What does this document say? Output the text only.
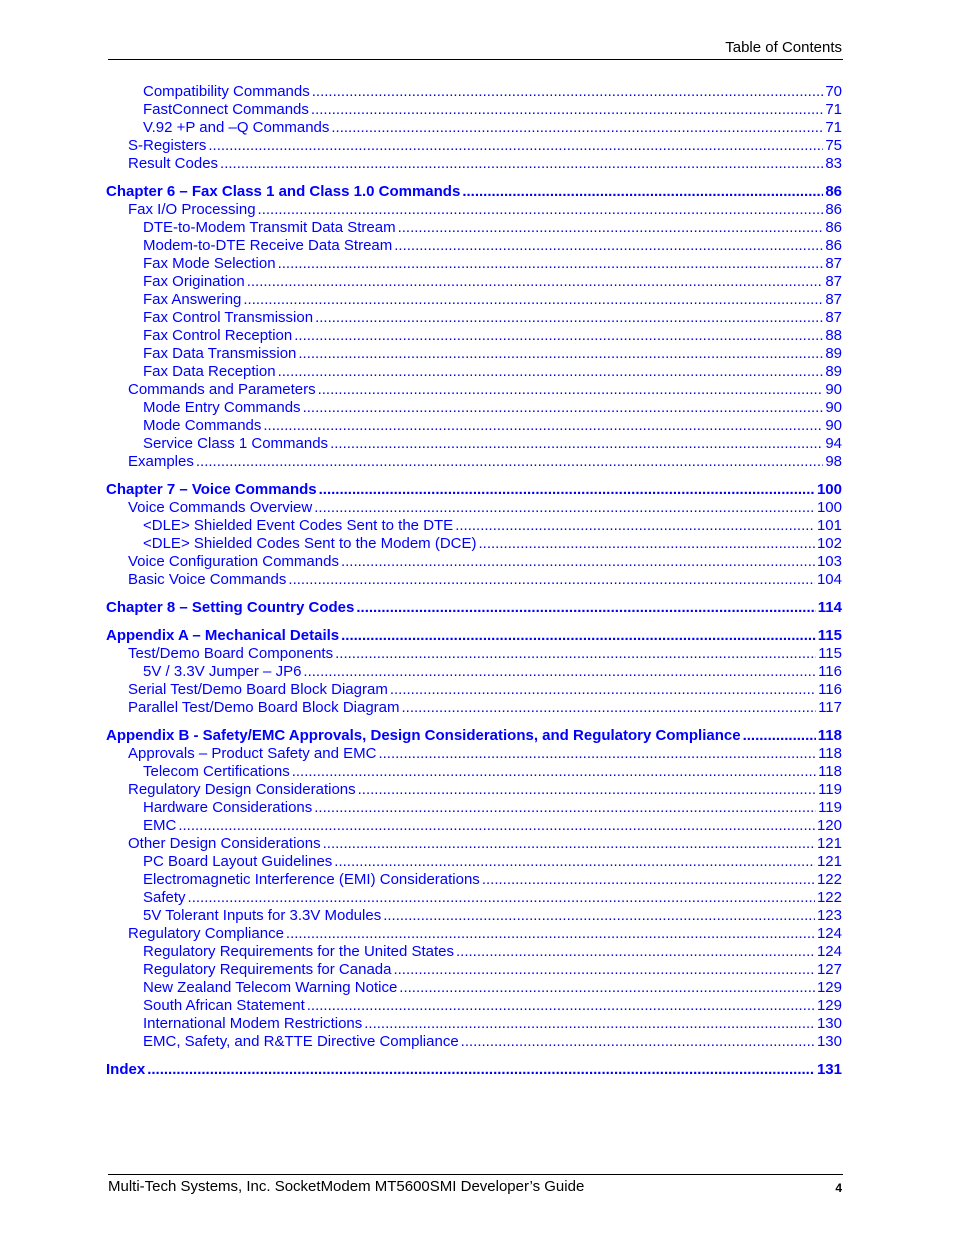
Table of Contents
Compatibility Commands .....	70
FastConnect Commands .....	71
V.92 +P and –Q Commands .....	71
S-Registers .....	75
Result Codes .....	83
Chapter 6 – Fax Class 1 and Class 1.0 Commands .....	86
Fax I/O Processing .....	86
DTE-to-Modem Transmit Data Stream .....	86
Modem-to-DTE Receive Data Stream .....	86
Fax Mode Selection .....	87
Fax Origination .....	87
Fax Answering .....	87
Fax Control Transmission .....	87
Fax Control Reception .....	88
Fax Data Transmission .....	89
Fax Data Reception .....	89
Commands and Parameters .....	90
Mode Entry Commands .....	90
Mode Commands .....	90
Service Class 1 Commands .....	94
Examples .....	98
Chapter 7 – Voice Commands .....	100
Voice Commands Overview .....	100
<DLE> Shielded Event Codes Sent to the DTE .....	101
<DLE> Shielded Codes Sent to the Modem (DCE) .....	102
Voice Configuration Commands .....	103
Basic Voice Commands .....	104
Chapter 8 – Setting Country Codes .....	114
Appendix A – Mechanical Details .....	115
Test/Demo Board Components .....	115
5V / 3.3V Jumper – JP6 .....	116
Serial Test/Demo Board Block Diagram .....	116
Parallel Test/Demo Board Block Diagram .....	117
Appendix B - Safety/EMC Approvals, Design Considerations, and Regulatory Compliance .....	118
Approvals – Product Safety and EMC .....	118
Telecom Certifications .....	118
Regulatory Design Considerations .....	119
Hardware Considerations .....	119
EMC .....	120
Other Design Considerations .....	121
PC Board Layout Guidelines .....	121
Electromagnetic Interference (EMI) Considerations .....	122
Safety .....	122
5V Tolerant Inputs for 3.3V Modules .....	123
Regulatory Compliance .....	124
Regulatory Requirements for the United States .....	124
Regulatory Requirements for Canada .....	127
New Zealand Telecom Warning Notice .....	129
South African Statement .....	129
International Modem Restrictions .....	130
EMC, Safety, and R&TTE Directive Compliance .....	130
Index .....	131
Multi-Tech Systems, Inc. SocketModem MT5600SMI Developer’s Guide	4
